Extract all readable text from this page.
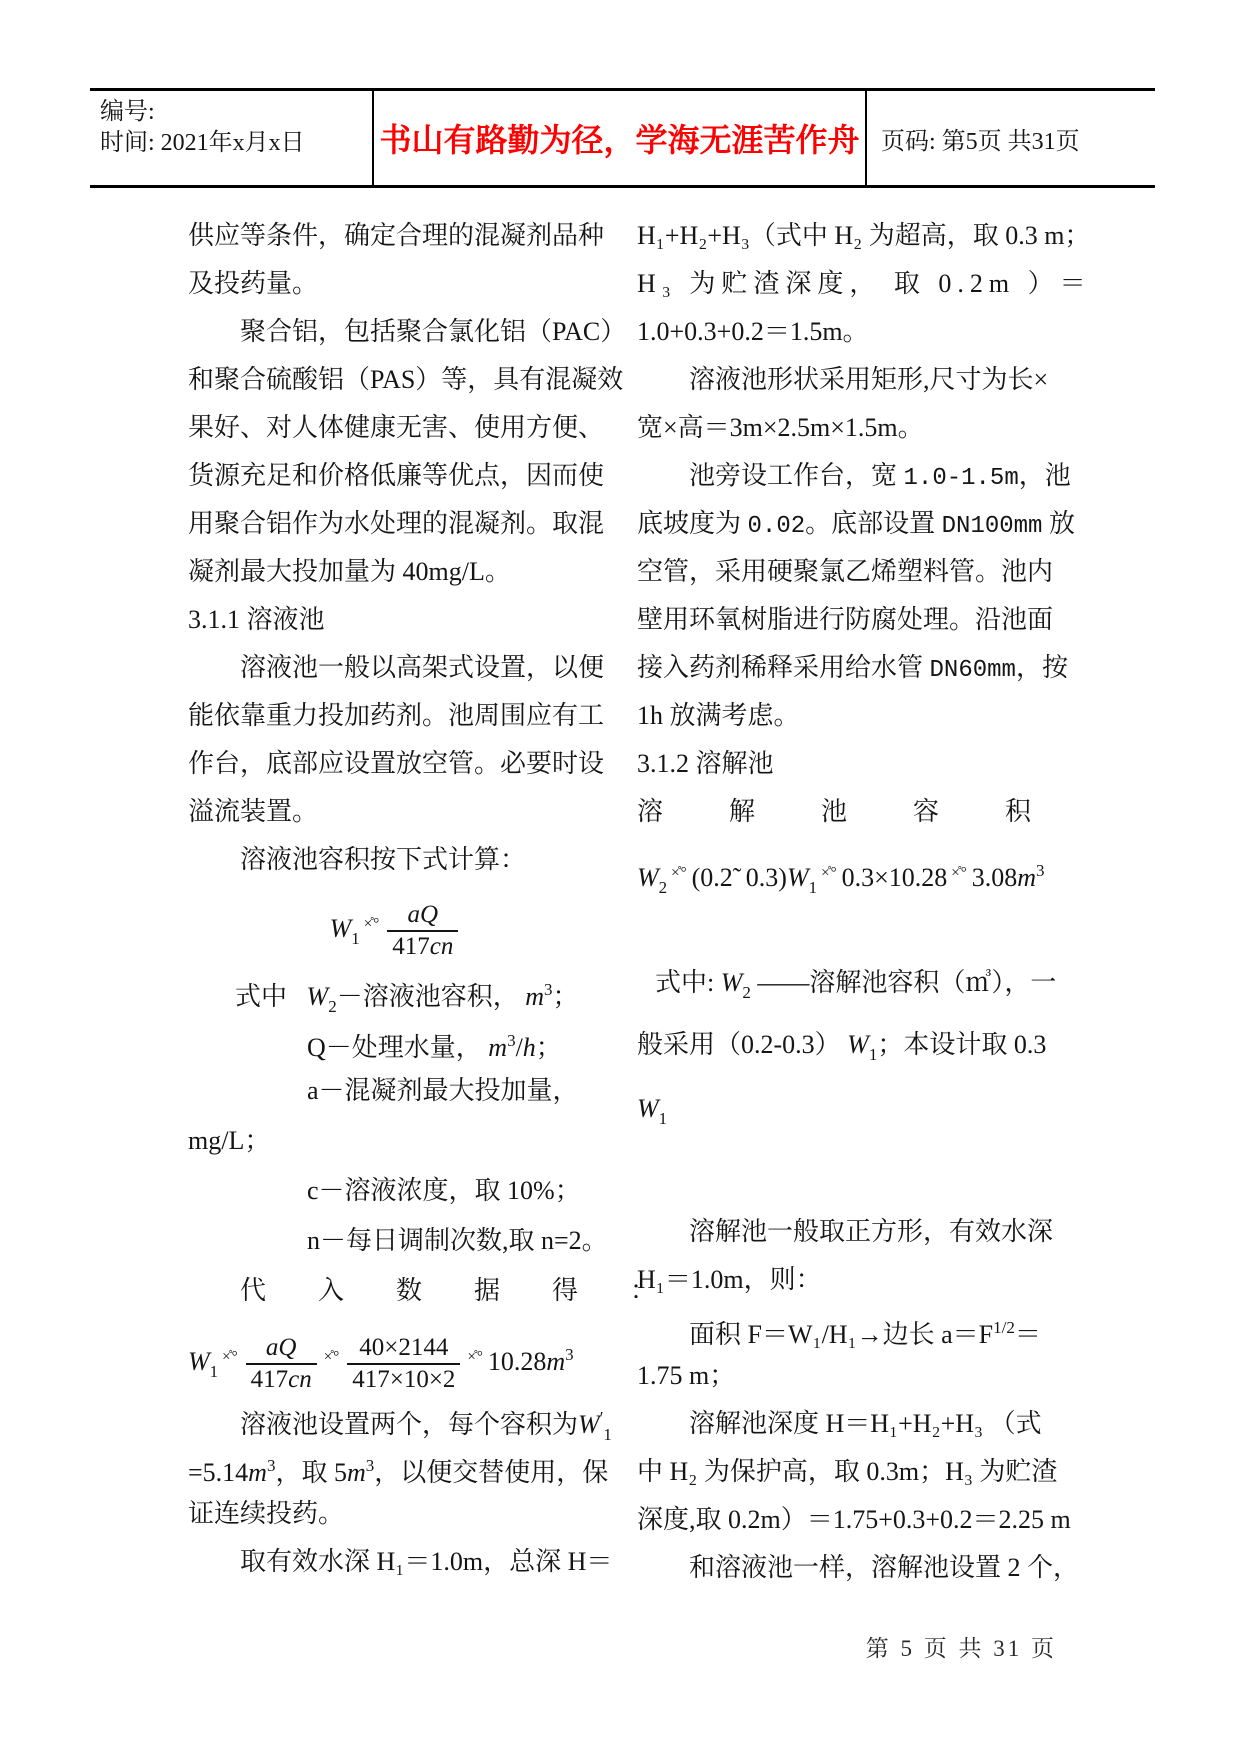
编号:
时间: 2021年x月x日	书山有路勤为径，学海无涯苦作舟 页码: 第5页 共31页
供应等条件，确定合理的混凝剂品种
及投药量。
聚合铝，包括聚合氯化铝（PAC）
和聚合硫酸铝（PAS）等，具有混凝效
果好、对人体健康无害、使用方便、
货源充足和价格低廉等优点，因而使
用聚合铝作为水处理的混凝剂。取混
凝剂最大投加量为 40mg/L。
3.1.1 溶液池
溶液池一般以高架式设置，以便
能依靠重力投加药剂。池周围应有工
作台，底部应设置放空管。必要时设
溢流装置。
溶液池容积按下式计算：
$W_1^{\times̊^\circ} \frac{aQ}{417cn}$
式中   $W_2-$溶液池容积， $m^3$；
Q－处理水量， $m^3/h$；
a－混凝剂最大投加量，
mg/L；
c－溶液浓度，取 10%；
n－每日调制次数,取 n=2。
代入数据得：
$W_1^{\times̊^\circ} \frac{aQ}{417cn} ^{\times̊^\circ} \frac{40\times 2144}{417\times 10\times 2} ^{\times̊^\circ}$ $10.28m^3$
溶液池设置两个，每个容积为$W'_1$
$=5.14m^3$，取 $5m^3$，以便交替使用，保
证连续投药。
取有效水深 H₁＝1.0m，总深 H＝
H₁+H₂+H₃（式中 H₂ 为超高，取 0.3 m；
H₃ 为贮渣深度， 取 0.2m ）＝
1.0+0.3+0.2＝1.5m。
溶液池形状采用矩形,尺寸为长×
宽×高＝3m×2.5m×1.5m。
池旁设工作台，宽 1.0-1.5m，池
底坡度为 0.02。底部设置 DN100mm 放
空管，采用硬聚氯乙烯塑料管。池内
壁用环氧树脂进行防腐处理。沿池面
接入药剂稀释采用给水管 DN60mm，按
1h 放满考虑。
3.1.2 溶解池
溶解池容积
$W_2^{\times̊^\circ}$ (0.2̃  $0.3)W_1^{\times̊^\circ}$ 0.3×10.28 ×̊° $3.08m^3$
式中: $W_2$ ——溶解池容积（㎥），一
般采用（0.2-0.3） $W_1$；本设计取 0.3
$W_1$
溶解池一般取正方形，有效水深
H₁＝1.0m，则：
面积 F＝W₁/H₁→边长 $a=F^{1/2}=$
1.75 m；
溶解池深度 H＝H₁+H₂+H₃ （式
中 H₂ 为保护高，取 0.3m；H₃ 为贮渣
深度,取 0.2m）＝1.75+0.3+0.2＝2.25 m
和溶液池一样，溶解池设置 2 个，
第 5 页 共 31 页
